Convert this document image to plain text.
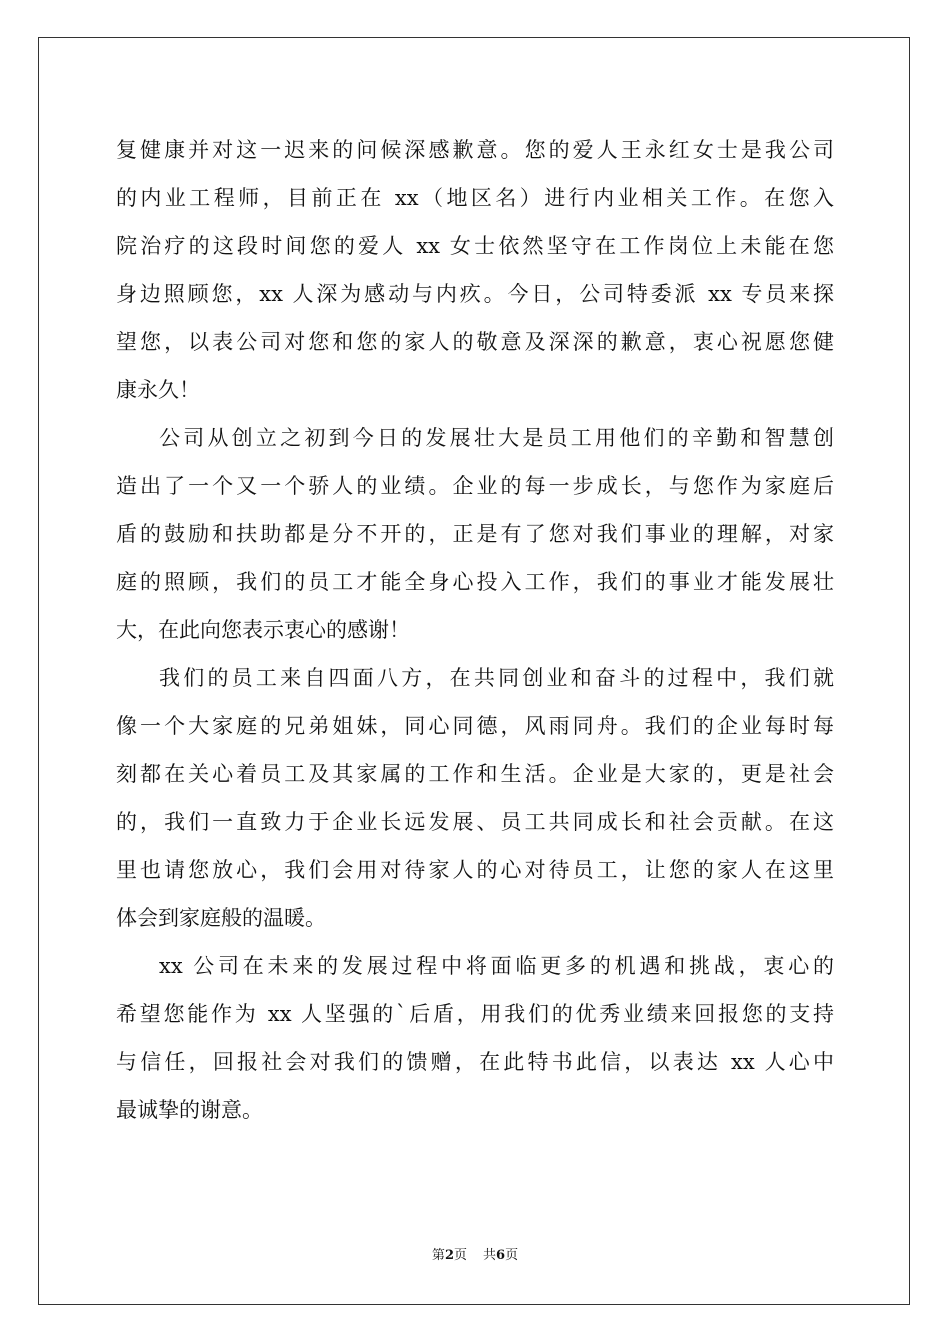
复健康并对这一迟来的问候深感歉意。您的爱人王永红女士是我公司
的内业工程师，目前正在 xx（地区名）进行内业相关工作。在您入
院治疗的这段时间您的爱人 xx 女士依然坚守在工作岗位上未能在您
身边照顾您，xx 人深为感动与内疚。今日，公司特委派 xx 专员来探
望您，以表公司对您和您的家人的敬意及深深的歉意，衷心祝愿您健
康永久！
公司从创立之初到今日的发展壮大是员工用他们的辛勤和智慧创
造出了一个又一个骄人的业绩。企业的每一步成长，与您作为家庭后
盾的鼓励和扶助都是分不开的，正是有了您对我们事业的理解，对家
庭的照顾，我们的员工才能全身心投入工作，我们的事业才能发展壮
大，在此向您表示衷心的感谢！
我们的员工来自四面八方，在共同创业和奋斗的过程中，我们就
像一个大家庭的兄弟姐妹，同心同德，风雨同舟。我们的企业每时每
刻都在关心着员工及其家属的工作和生活。企业是大家的，更是社会
的，我们一直致力于企业长远发展、员工共同成长和社会贡献。在这
里也请您放心，我们会用对待家人的心对待员工，让您的家人在这里
体会到家庭般的温暖。
xx 公司在未来的发展过程中将面临更多的机遇和挑战，衷心的
希望您能作为 xx 人坚强的`后盾，用我们的优秀业绩来回报您的支持
与信任，回报社会对我们的馈赠，在此特书此信，以表达 xx 人心中
最诚挚的谢意。
第2页 共6页
